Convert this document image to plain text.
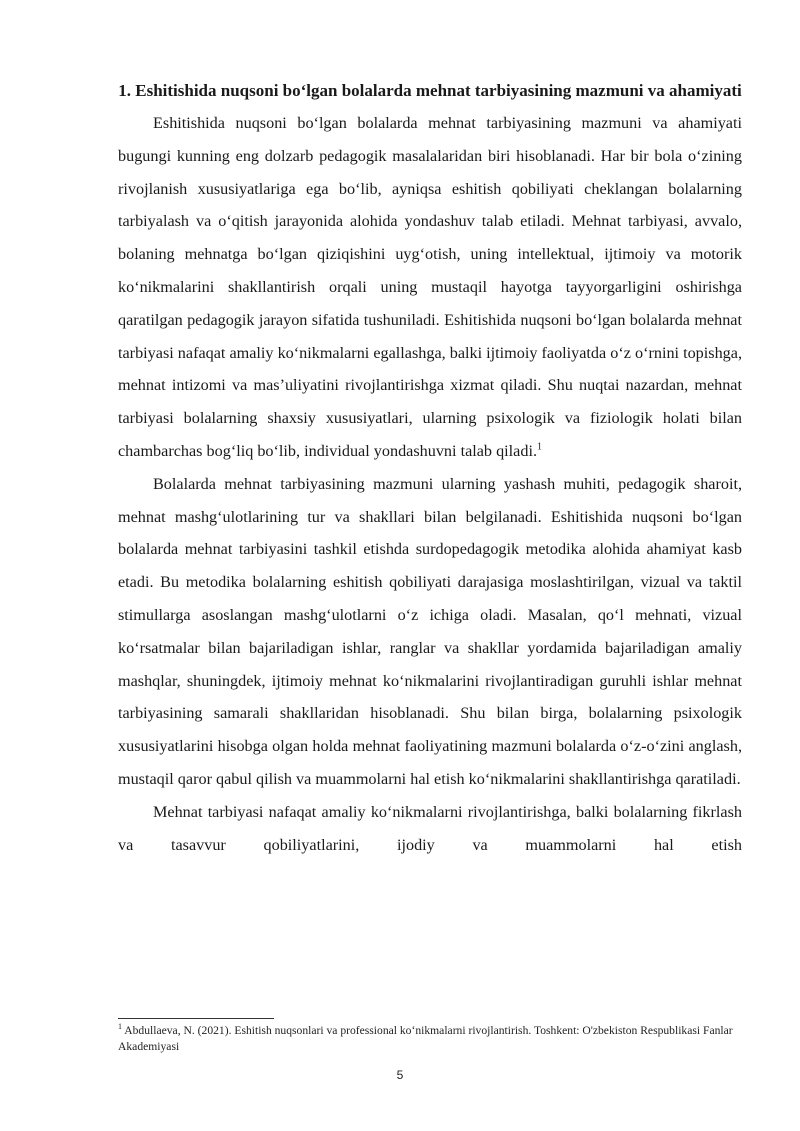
1. Eshitishida nuqsoni bo‘lgan bolalarda mehnat tarbiyasining mazmuni va ahamiyati

Eshitishida nuqsoni bo‘lgan bolalarda mehnat tarbiyasining mazmuni va ahamiyati bugungi kunning eng dolzarb pedagogik masalalaridan biri hisoblanadi. Har bir bola o‘zining rivojlanish xususiyatlariga ega bo‘lib, ayniqsa eshitish qobiliyati cheklangan bolalarning tarbiyalash va o‘qitish jarayonida alohida yondashuv talab etiladi. Mehnat tarbiyasi, avvalo, bolaning mehnatga bo‘lgan qiziqishini uyg‘otish, uning intellektual, ijtimoiy va motorik ko‘nikmalarini shakllantirish orqali uning mustaqil hayotga tayyorgarligini oshirishga qaratilgan pedagogik jarayon sifatida tushuniladi. Eshitishida nuqsoni bo‘lgan bolalarda mehnat tarbiyasi nafaqat amaliy ko‘nikmalarni egallashga, balki ijtimoiy faoliyatda o‘z o‘rnini topishga, mehnat intizomi va mas’uliyatini rivojlantirishga xizmat qiladi. Shu nuqtai nazardan, mehnat tarbiyasi bolalarning shaxsiy xususiyatlari, ularning psixologik va fiziologik holati bilan chambarchas bog‘liq bo‘lib, individual yondashuvni talab qiladi.$^1$

Bolalarda mehnat tarbiyasining mazmuni ularning yashash muhiti, pedagogik sharoit, mehnat mashg‘ulotlarining tur va shakllari bilan belgilanadi. Eshitishida nuqsoni bo‘lgan bolalarda mehnat tarbiyasini tashkil etishda surdopedagogik metodika alohida ahamiyat kasb etadi. Bu metodika bolalarning eshitish qobiliyati darajasiga moslashtirilgan, vizual va taktil stimullarga asoslangan mashg‘ulotlarni o‘z ichiga oladi. Masalan, qo‘l mehnati, vizual ko‘rsatmalar bilan bajariladigan ishlar, ranglar va shakllar yordamida bajariladigan amaliy mashqlar, shuningdek, ijtimoiy mehnat ko‘nikmalarini rivojlantiradigan guruhli ishlar mehnat tarbiyasining samarali shakllaridan hisoblanadi. Shu bilan birga, bolalarning psixologik xususiyatlarini hisobga olgan holda mehnat faoliyatining mazmuni bolalarda o‘z-o‘zini anglash, mustaqil qaror qabul qilish va muammolarni hal etish ko‘nikmalarini shakllantirishga qaratiladi.

Mehnat tarbiyasi nafaqat amaliy ko‘nikmalarni rivojlantirishga, balki bolalarning fikrlash va tasavvur qobiliyatlarini, ijodiy va muammolarni hal etish

$^1$ Abdullaeva, N. (2021). Eshitish nuqsonlari va professional ko‘nikmalarni rivojlantirish. Toshkent: O'zbekiston Respublikasi Fanlar Akademiyasi
5
